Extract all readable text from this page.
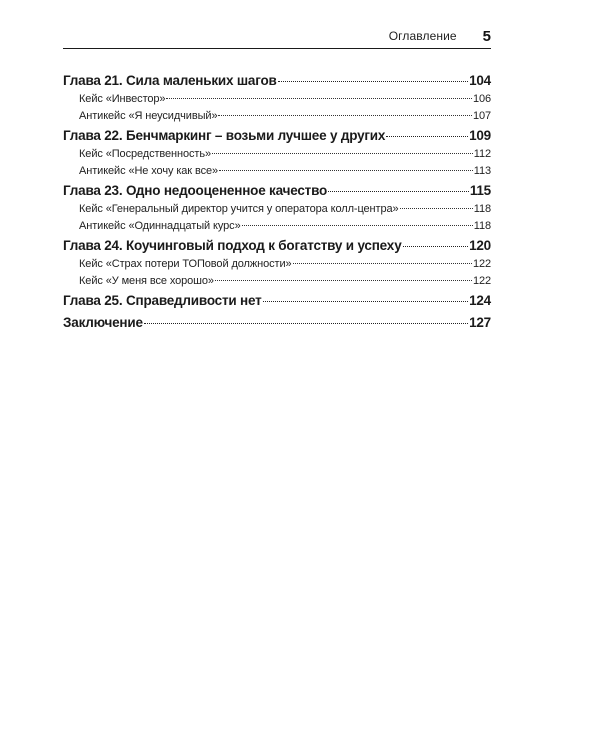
Оглавление 5
Глава 21. Сила маленьких шагов	104
Кейс «Инвестор»	106
Антикейс «Я неусидчивый»	107
Глава 22. Бенчмаркинг – возьми лучшее у других	109
Кейс «Посредственность»	112
Антикейс «Не хочу как все»	113
Глава 23. Одно недооцененное качество	115
Кейс «Генеральный директор учится у оператора колл-центра»	118
Антикейс «Одиннадцатый курс»	118
Глава 24. Коучинговый подход к богатству и успеху	120
Кейс «Страх потери ТОПовой должности»	122
Кейс «У меня все хорошо»	122
Глава 25. Справедливости нет	124
Заключение	127
